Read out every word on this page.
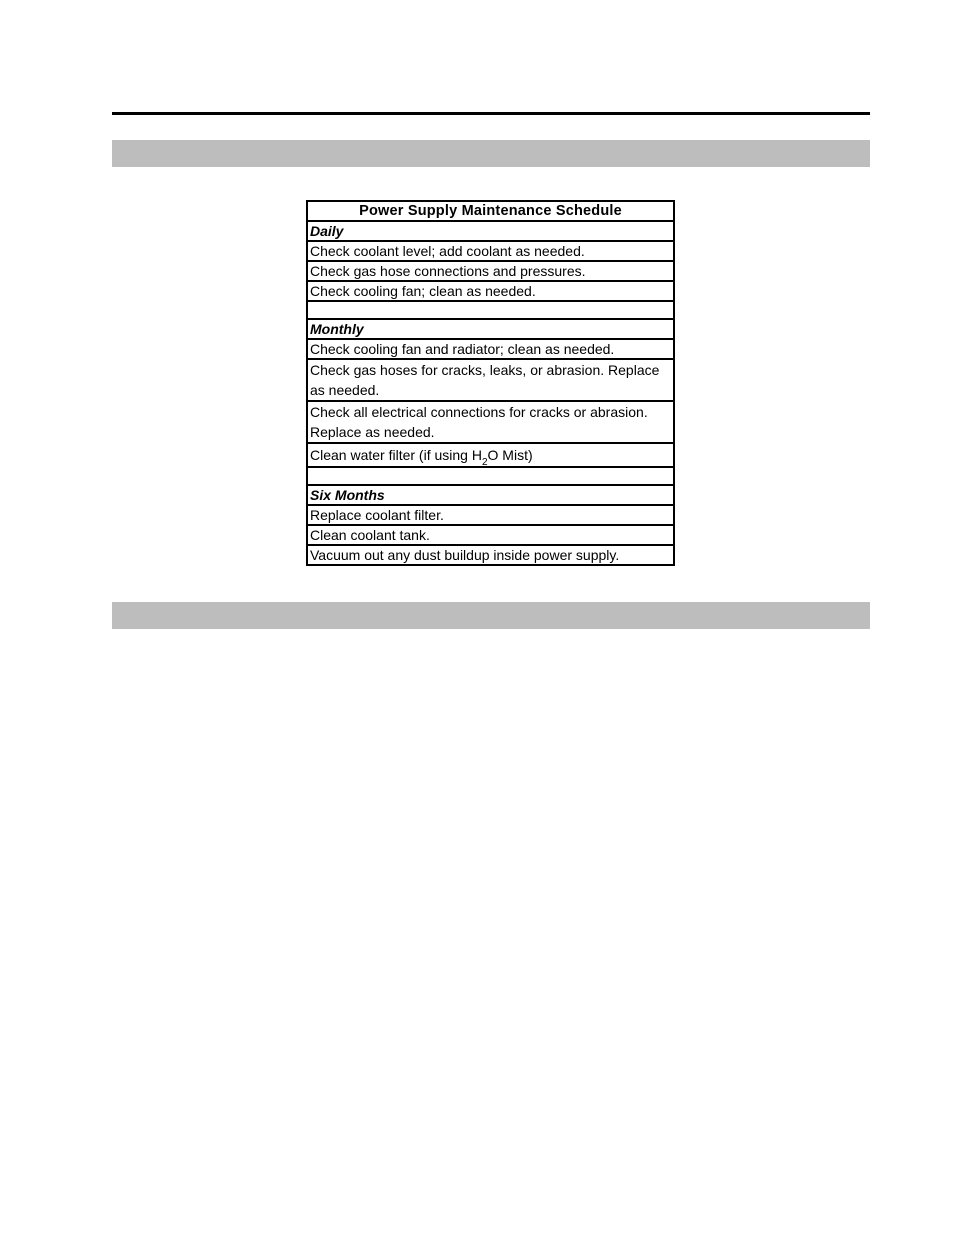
Power Supply Maintenance Schedule
Daily
Check coolant level; add coolant as needed.
Check gas hose connections and pressures.
Check cooling fan; clean as needed.

Monthly
Check cooling fan and radiator; clean as needed.
Check gas hoses for cracks, leaks, or abrasion. Replace as needed.
Check all electrical connections for cracks or abrasion. Replace as needed.
Clean water filter (if using $H_2O$ Mist)

Six Months
Replace coolant filter.
Clean coolant tank.
Vacuum out any dust buildup inside power supply.
